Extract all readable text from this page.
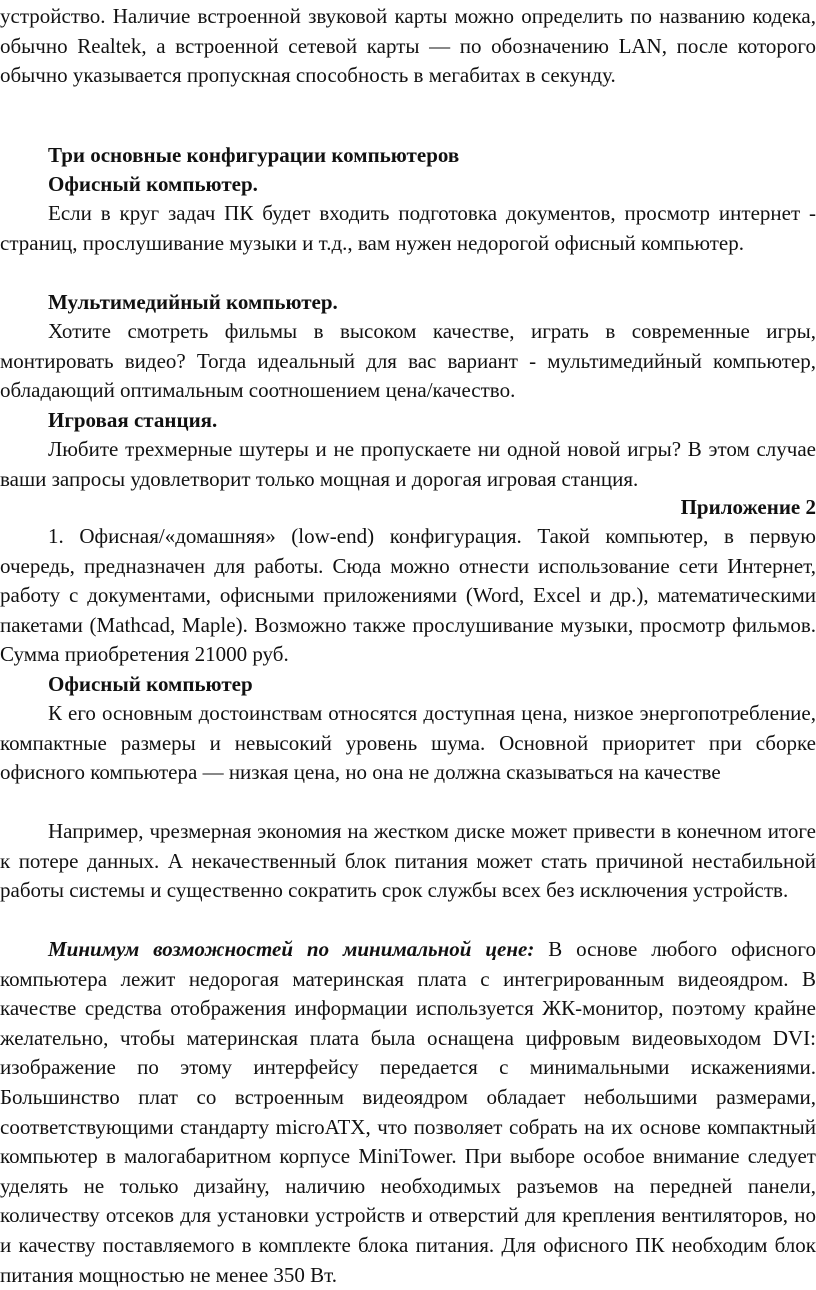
устройство. Наличие встроенной звуковой карты можно определить по названию кодека, обычно Realtek, а встроенной сетевой карты — по обозначению LAN, после которого обычно указывается пропускная способность в мегабитах в секунду.

Три основные конфигурации компьютеров

Офисный компьютер.

Если в круг задач ПК будет входить подготовка документов, просмотр интернет - страниц, прослушивание музыки и т.д., вам нужен недорогой офисный компьютер.

Мультимедийный компьютер.

Хотите смотреть фильмы в высоком качестве, играть в современные игры, монтировать видео? Тогда идеальный для вас вариант - мультимедийный компьютер, обладающий оптимальным соотношением цена/качество.

Игровая станция.

Любите трехмерные шутеры и не пропускаете ни одной новой игры? В этом случае ваши запросы удовлетворит только мощная и дорогая игровая станция.

Приложение 2

1. Офисная/«домашняя» (low-end) конфигурация. Такой компьютер, в первую очередь, предназначен для работы. Сюда можно отнести использование сети Интернет, работу с документами, офисными приложениями (Word, Excel и др.), математическими пакетами (Mathcad, Maple). Возможно также прослушивание музыки, просмотр фильмов. Сумма приобретения 21000 руб.

Офисный компьютер

К его основным достоинствам относятся доступная цена, низкое энергопотребление, компактные размеры и невысокий уровень шума. Основной приоритет при сборке офисного компьютера — низкая цена, но она не должна сказываться на качестве

Например, чрезмерная экономия на жестком диске может привести в конечном итоге к потере данных. А некачественный блок питания может стать причиной нестабильной работы системы и существенно сократить срок службы всех без исключения устройств.

Минимум возможностей по минимальной цене: В основе любого офисного компьютера лежит недорогая материнская плата с интегрированным видеоядром. В качестве средства отображения информации используется ЖК-монитор, поэтому крайне желательно, чтобы материнская плата была оснащена цифровым видеовыходом DVI: изображение по этому интерфейсу передается с минимальными искажениями. Большинство плат со встроенным видеоядром обладает небольшими размерами, соответствующими стандарту microATX, что позволяет собрать на их основе компактный компьютер в малогабаритном корпусе MiniTower. При выборе особое внимание следует уделять не только дизайну, наличию необходимых разъемов на передней панели, количеству отсеков для установки устройств и отверстий для крепления вентиляторов, но и качеству поставляемого в комплекте блока питания. Для офисного ПК необходим блок питания мощностью не менее 350 Вт.
